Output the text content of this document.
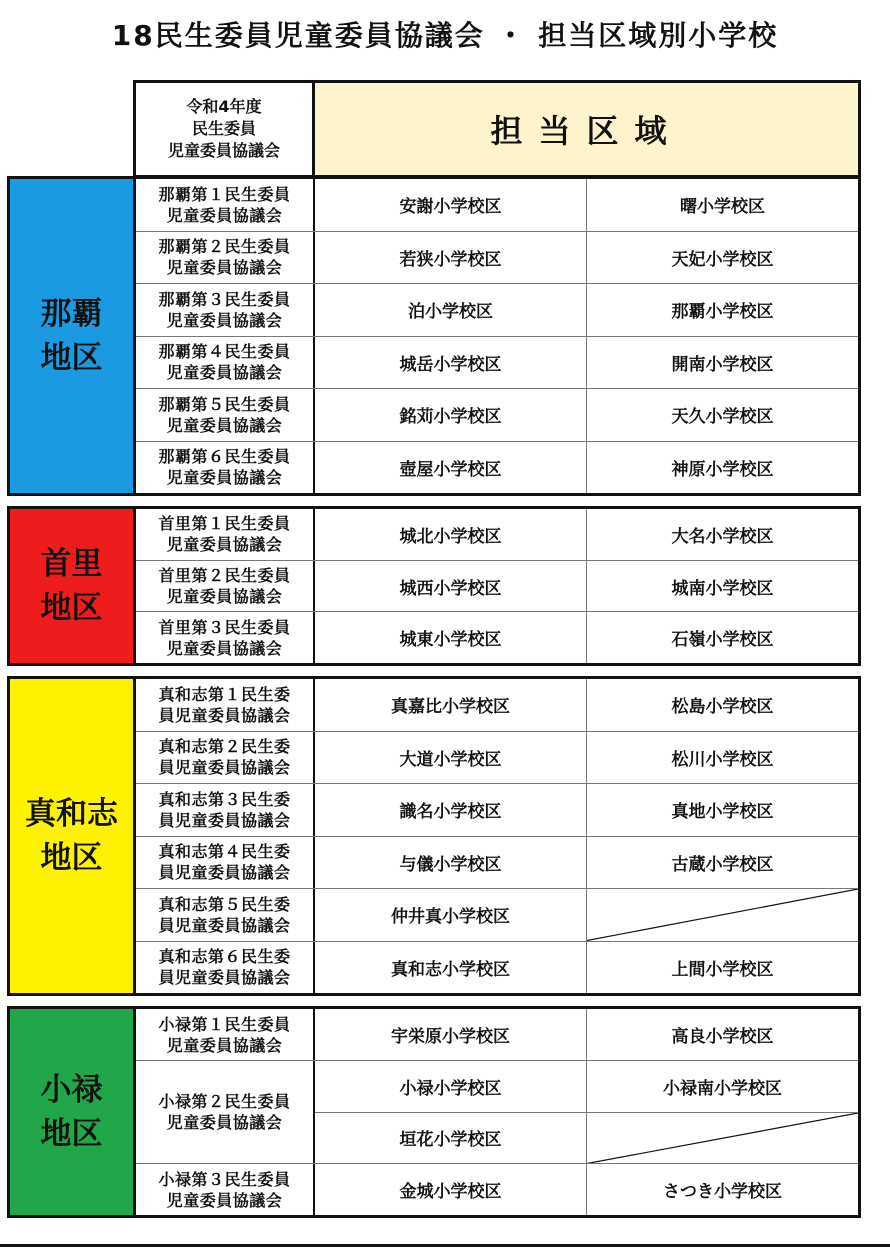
18民生委員児童委員協議会 ・ 担当区域別小学校
令和4年度
民生委員
児童委員協議会
担当区域
那覇
地区
那覇第１民生委員
児童委員協議会	安謝小学校区	曙小学校区
那覇第２民生委員
児童委員協議会	若狭小学校区	天妃小学校区
那覇第３民生委員
児童委員協議会	泊小学校区	那覇小学校区
那覇第４民生委員
児童委員協議会	城岳小学校区	開南小学校区
那覇第５民生委員
児童委員協議会	銘苅小学校区	天久小学校区
那覇第６民生委員
児童委員協議会	壺屋小学校区	神原小学校区
首里
地区
首里第１民生委員
児童委員協議会	城北小学校区	大名小学校区
首里第２民生委員
児童委員協議会	城西小学校区	城南小学校区
首里第３民生委員
児童委員協議会	城東小学校区	石嶺小学校区
真和志
地区
真和志第１民生委
員児童委員協議会	真嘉比小学校区	松島小学校区
真和志第２民生委
員児童委員協議会	大道小学校区	松川小学校区
真和志第３民生委
員児童委員協議会	識名小学校区	真地小学校区
真和志第４民生委
員児童委員協議会	与儀小学校区	古蔵小学校区
真和志第５民生委
員児童委員協議会	仲井真小学校区
真和志第６民生委
員児童委員協議会	真和志小学校区	上間小学校区
小禄
地区
小禄第１民生委員
児童委員協議会	宇栄原小学校区	高良小学校区
小禄第２民生委員
児童委員協議会
小禄小学校区	小禄南小学校区
垣花小学校区
小禄第３民生委員
児童委員協議会	金城小学校区	さつき小学校区
